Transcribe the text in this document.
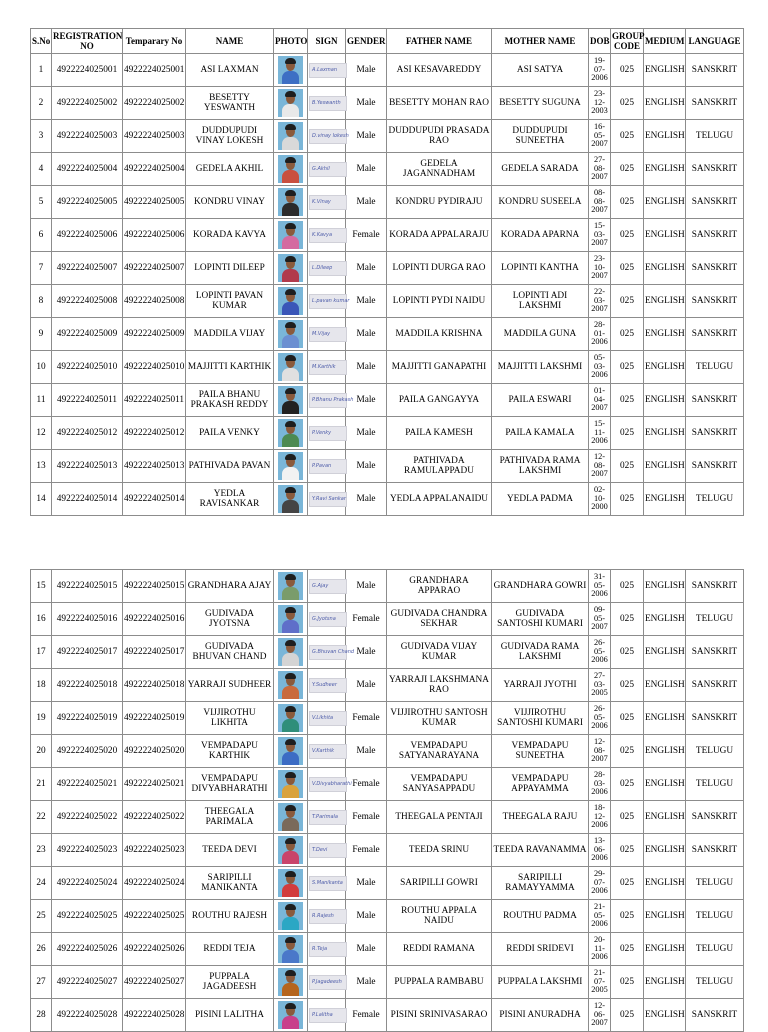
S.No	REGISTRATION NO	Temparary No	NAME	PHOTO	SIGN	GENDER	FATHER NAME	MOTHER NAME	DOB	GROUP CODE	MEDIUM	LANGUAGE
1	4922224025001	4922224025001	ASI LAXMAN		A.Laxman	Male	ASI KESAVAREDDY	ASI SATYA	19-07-2006	025	ENGLISH	SANSKRIT
2	4922224025002	4922224025002	BESETTY YESWANTH		B.Yeswanth	Male	BESETTY MOHAN RAO	BESETTY SUGUNA	23-12-2003	025	ENGLISH	SANSKRIT
3	4922224025003	4922224025003	DUDDUPUDI VINAY LOKESH		D.vinay lokesh	Male	DUDDUPUDI PRASADA RAO	DUDDUPUDI SUNEETHA	16-05-2007	025	ENGLISH	TELUGU
4	4922224025004	4922224025004	GEDELA AKHIL		G.Akhil	Male	GEDELA JAGANNADHAM	GEDELA SARADA	27-08-2007	025	ENGLISH	SANSKRIT
5	4922224025005	4922224025005	KONDRU VINAY		K.Vinay	Male	KONDRU PYDIRAJU	KONDRU SUSEELA	08-08-2007	025	ENGLISH	SANSKRIT
6	4922224025006	4922224025006	KORADA KAVYA		K.Kavya	Female	KORADA APPALARAJU	KORADA APARNA	15-03-2007	025	ENGLISH	SANSKRIT
7	4922224025007	4922224025007	LOPINTI DILEEP		L.Dileep	Male	LOPINTI DURGA RAO	LOPINTI KANTHA	23-10-2007	025	ENGLISH	SANSKRIT
8	4922224025008	4922224025008	LOPINTI PAVAN KUMAR		L.pavan kumar	Male	LOPINTI PYDI NAIDU	LOPINTI ADI LAKSHMI	22-03-2007	025	ENGLISH	SANSKRIT
9	4922224025009	4922224025009	MADDILA VIJAY		M.Vijay	Male	MADDILA KRISHNA	MADDILA GUNA	28-01-2006	025	ENGLISH	SANSKRIT
10	4922224025010	4922224025010	MAJJITTI KARTHIK		M.Karthik	Male	MAJJITTI GANAPATHI	MAJJITTI LAKSHMI	05-03-2006	025	ENGLISH	TELUGU
11	4922224025011	4922224025011	PAILA BHANU PRAKASH REDDY		P.Bhanu Prakash	Male	PAILA GANGAYYA	PAILA ESWARI	01-04-2007	025	ENGLISH	SANSKRIT
12	4922224025012	4922224025012	PAILA VENKY		P.Venky	Male	PAILA KAMESH	PAILA KAMALA	15-11-2006	025	ENGLISH	SANSKRIT
13	4922224025013	4922224025013	PATHIVADA PAVAN		P.Pavan	Male	PATHIVADA RAMULAPPADU	PATHIVADA RAMA LAKSHMI	12-08-2007	025	ENGLISH	SANSKRIT
14	4922224025014	4922224025014	YEDLA RAVISANKAR		Y.Ravi Sankar	Male	YEDLA APPALANAIDU	YEDLA PADMA	02-10-2000	025	ENGLISH	TELUGU
15	4922224025015	4922224025015	GRANDHARA AJAY		G.Ajay	Male	GRANDHARA APPARAO	GRANDHARA GOWRI	31-05-2006	025	ENGLISH	SANSKRIT
16	4922224025016	4922224025016	GUDIVADA JYOTSNA		G.Jyotsna	Female	GUDIVADA CHANDRA SEKHAR	GUDIVADA SANTOSHI KUMARI	09-05-2007	025	ENGLISH	TELUGU
17	4922224025017	4922224025017	GUDIVADA BHUVAN CHAND		G.Bhuvan Chand	Male	GUDIVADA VIJAY KUMAR	GUDIVADA RAMA LAKSHMI	26-05-2006	025	ENGLISH	SANSKRIT
18	4922224025018	4922224025018	YARRAJI SUDHEER		Y.Sudheer	Male	YARRAJI LAKSHMANA RAO	YARRAJI JYOTHI	27-03-2005	025	ENGLISH	SANSKRIT
19	4922224025019	4922224025019	VIJJIROTHU LIKHITA		V.Likhita	Female	VIJJIROTHU SANTOSH KUMAR	VIJJIROTHU SANTOSHI KUMARI	26-05-2006	025	ENGLISH	SANSKRIT
20	4922224025020	4922224025020	VEMPADAPU KARTHIK		V.Karthik	Male	VEMPADAPU SATYANARAYANA	VEMPADAPU SUNEETHA	12-08-2007	025	ENGLISH	TELUGU
21	4922224025021	4922224025021	VEMPADAPU DIVYABHARATHI		V.Divyabharathi	Female	VEMPADAPU SANYASAPPADU	VEMPADAPU APPAYAMMA	28-03-2006	025	ENGLISH	TELUGU
22	4922224025022	4922224025022	THEEGALA PARIMALA		T.Parimala	Female	THEEGALA PENTAJI	THEEGALA RAJU	18-12-2006	025	ENGLISH	SANSKRIT
23	4922224025023	4922224025023	TEEDA DEVI		T.Devi	Female	TEEDA SRINU	TEEDA RAVANAMMA	13-06-2006	025	ENGLISH	SANSKRIT
24	4922224025024	4922224025024	SARIPILLI MANIKANTA		S.Manikanta	Male	SARIPILLI GOWRI	SARIPILLI RAMAYYAMMA	29-07-2006	025	ENGLISH	TELUGU
25	4922224025025	4922224025025	ROUTHU RAJESH		R.Rajesh	Male	ROUTHU APPALA NAIDU	ROUTHU PADMA	21-05-2006	025	ENGLISH	TELUGU
26	4922224025026	4922224025026	REDDI TEJA		R.Teja	Male	REDDI RAMANA	REDDI SRIDEVI	20-11-2006	025	ENGLISH	TELUGU
27	4922224025027	4922224025027	PUPPALA JAGADEESH		P.Jagadeesh	Male	PUPPALA RAMBABU	PUPPALA LAKSHMI	21-07-2005	025	ENGLISH	TELUGU
28	4922224025028	4922224025028	PISINI LALITHA		P.Lalitha	Female	PISINI SRINIVASARAO	PISINI ANURADHA	12-06-2007	025	ENGLISH	SANSKRIT
